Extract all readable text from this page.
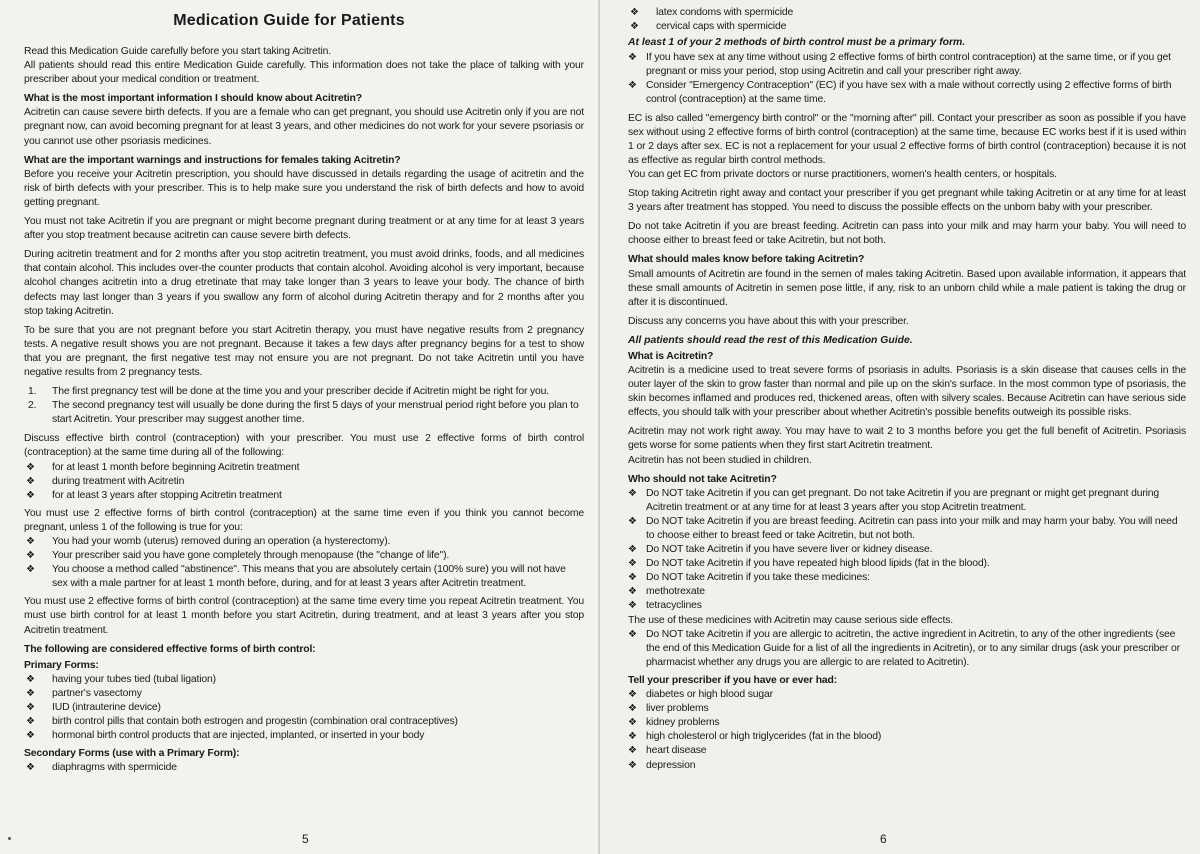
Medication Guide for Patients

Read this Medication Guide carefully before you start taking Acitretin.

All patients should read this entire Medication Guide carefully. This information does not take the place of talking with your prescriber about your medical condition or treatment.

What is the most important information I should know about Acitretin?

Acitretin can cause severe birth defects. If you are a female who can get pregnant, you should use Acitretin only if you are not pregnant now, can avoid becoming pregnant for at least 3 years, and other medicines do not work for your severe psoriasis or you cannot use other psoriasis medicines.

What are the important warnings and instructions for females taking Acitretin?

Before you receive your Acitretin prescription, you should have discussed in details regarding the usage of acitretin and the risk of birth defects with your prescriber. This is to help make sure you understand the risk of birth defects and how to avoid getting pregnant.

You must not take Acitretin if you are pregnant or might become pregnant during treatment or at any time for at least 3 years after you stop treatment because acitretin can cause severe birth defects.

During acitretin treatment and for 2 months after you stop acitretin treatment, you must avoid drinks, foods, and all medicines that contain alcohol. This includes over-the counter products that contain alcohol. Avoiding alcohol is very important, because alcohol changes acitretin into a drug etretinate that may take longer than 3 years to leave your body. The chance of birth defects may last longer than 3 years if you swallow any form of alcohol during Acitretin therapy and for 2 months after you stop taking Acitretin.

To be sure that you are not pregnant before you start Acitretin therapy, you must have negative results from 2 pregnancy tests. A negative result shows you are not pregnant. Because it takes a few days after pregnancy begins for a test to show that you are pregnant, the first negative test may not ensure you are not pregnant. Do not take Acitretin until you have negative results from 2 pregnancy tests.

1. The first pregnancy test will be done at the time you and your prescriber decide if Acitretin might be right for you.
2. The second pregnancy test will usually be done during the first 5 days of your menstrual period right before you plan to start Acitretin. Your prescriber may suggest another time.

Discuss effective birth control (contraception) with your prescriber. You must use 2 effective forms of birth control (contraception) at the same time during all of the following:

❖ for at least 1 month before beginning Acitretin treatment
❖ during treatment with Acitretin
❖ for at least 3 years after stopping Acitretin treatment

You must use 2 effective forms of birth control (contraception) at the same time even if you think you cannot become pregnant, unless 1 of the following is true for you:

❖ You had your womb (uterus) removed during an operation (a hysterectomy).
❖ Your prescriber said you have gone completely through menopause (the "change of life").
❖ You choose a method called "abstinence". This means that you are absolutely certain (100% sure) you will not have sex with a male partner for at least 1 month before, during, and for at least 3 years after Acitretin treatment.

You must use 2 effective forms of birth control (contraception) at the same time every time you repeat Acitretin treatment. You must use birth control for at least 1 month before you start Acitretin, during treatment, and at least 3 years after you stop Acitretin treatment.

The following are considered effective forms of birth control:
Primary Forms:
❖ having your tubes tied (tubal ligation)
❖ partner's vasectomy
❖ IUD (intrauterine device)
❖ birth control pills that contain both estrogen and progestin (combination oral contraceptives)
❖ hormonal birth control products that are injected, implanted, or inserted in your body
Secondary Forms (use with a Primary Form):
❖ diaphragms with spermicide
5
❖ latex condoms with spermicide
❖ cervical caps with spermicide
At least 1 of your 2 methods of birth control must be a primary form.
❖ If you have sex at any time without using 2 effective forms of birth control contraception) at the same time, or if you get pregnant or miss your period, stop using Acitretin and call your prescriber right away.
❖ Consider "Emergency Contraception" (EC) if you have sex with a male without correctly using 2 effective forms of birth control (contraception) at the same time.

EC is also called "emergency birth control" or the "morning after" pill. Contact your prescriber as soon as possible if you have sex without using 2 effective forms of birth control (contraception) at the same time, because EC works best if it is used within 1 or 2 days after sex. EC is not a replacement for your usual 2 effective forms of birth control (contraception) because it is not as effective as regular birth control methods.

You can get EC from private doctors or nurse practitioners, women's health centers, or hospitals.

Stop taking Acitretin right away and contact your prescriber if you get pregnant while taking Acitretin or at any time for at least 3 years after treatment has stopped. You need to discuss the possible effects on the unborn baby with your prescriber.

Do not take Acitretin if you are breast feeding. Acitretin can pass into your milk and may harm your baby. You will need to choose either to breast feed or take Acitretin, but not both.

What should males know before taking Acitretin?

Small amounts of Acitretin are found in the semen of males taking Acitretin. Based upon available information, it appears that these small amounts of Acitretin in semen pose little, if any, risk to an unborn child while a male patient is taking the drug or after it is discontinued.

Discuss any concerns you have about this with your prescriber.

All patients should read the rest of this Medication Guide.
What is Acitretin?

Acitretin is a medicine used to treat severe forms of psoriasis in adults. Psoriasis is a skin disease that causes cells in the outer layer of the skin to grow faster than normal and pile up on the skin's surface. In the most common type of psoriasis, the skin becomes inflamed and produces red, thickened areas, often with silvery scales. Because Acitretin can have serious side effects, you should talk with your prescriber about whether Acitretin's possible benefits outweigh its possible risks.

Acitretin may not work right away. You may have to wait 2 to 3 months before you get the full benefit of Acitretin. Psoriasis gets worse for some patients when they first start Acitretin treatment.

Acitretin has not been studied in children.

Who should not take Acitretin?
❖ Do NOT take Acitretin if you can get pregnant. Do not take Acitretin if you are pregnant or might get pregnant during Acitretin treatment or at any time for at least 3 years after you stop Acitretin treatment.
❖ Do NOT take Acitretin if you are breast feeding. Acitretin can pass into your milk and may harm your baby. You will need to choose either to breast feed or take Acitretin, but not both.
❖ Do NOT take Acitretin if you have severe liver or kidney disease.
❖ Do NOT take Acitretin if you have repeated high blood lipids (fat in the blood).
❖ Do NOT take Acitretin if you take these medicines:
❖ methotrexate
❖ tetracyclines

The use of these medicines with Acitretin may cause serious side effects.

❖ Do NOT take Acitretin if you are allergic to acitretin, the active ingredient in Acitretin, to any of the other ingredients (see the end of this Medication Guide for a list of all the ingredients in Acitretin), or to any similar drugs (ask your prescriber or pharmacist whether any drugs you are allergic to are related to Acitretin).
Tell your prescriber if you have or ever had:
❖ diabetes or high blood sugar
❖ liver problems
❖ kidney problems
❖ high cholesterol or high triglycerides (fat in the blood)
❖ heart disease
❖ depression
6
